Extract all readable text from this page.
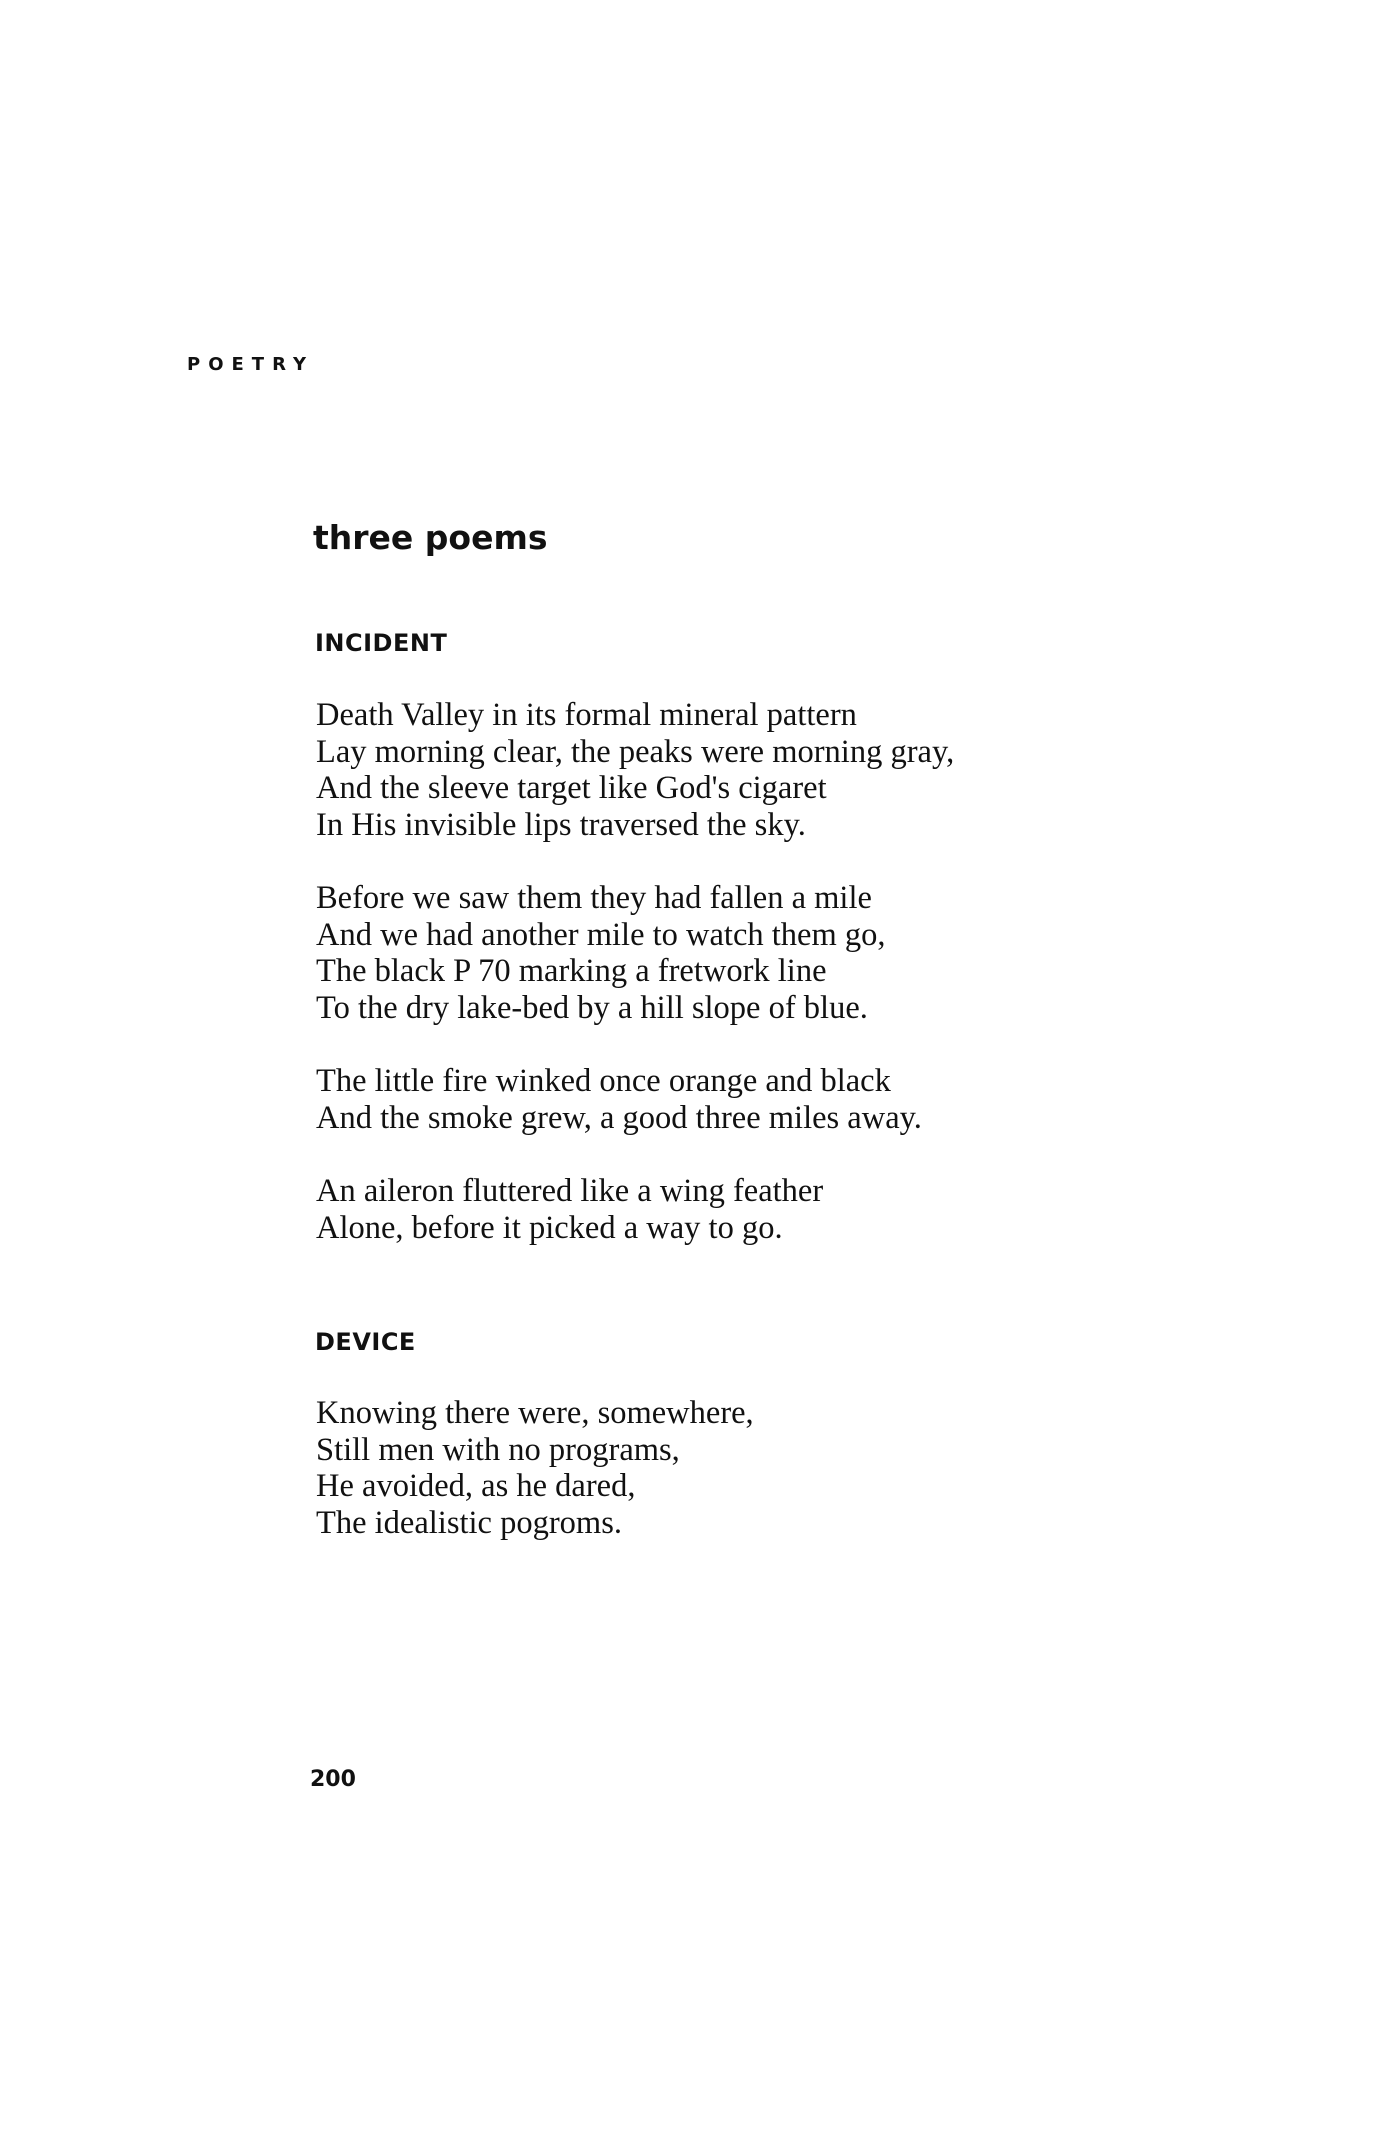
POETRY
three poems
INCIDENT
Death Valley in its formal mineral pattern
Lay morning clear, the peaks were morning gray,
And the sleeve target like God's cigaret
In His invisible lips traversed the sky.
Before we saw them they had fallen a mile
And we had another mile to watch them go,
The black P 70 marking a fretwork line
To the dry lake-bed by a hill slope of blue.
The little fire winked once orange and black
And the smoke grew, a good three miles away.
An aileron fluttered like a wing feather
Alone, before it picked a way to go.
DEVICE
Knowing there were, somewhere,
Still men with no programs,
He avoided, as he dared,
The idealistic pogroms.
200
